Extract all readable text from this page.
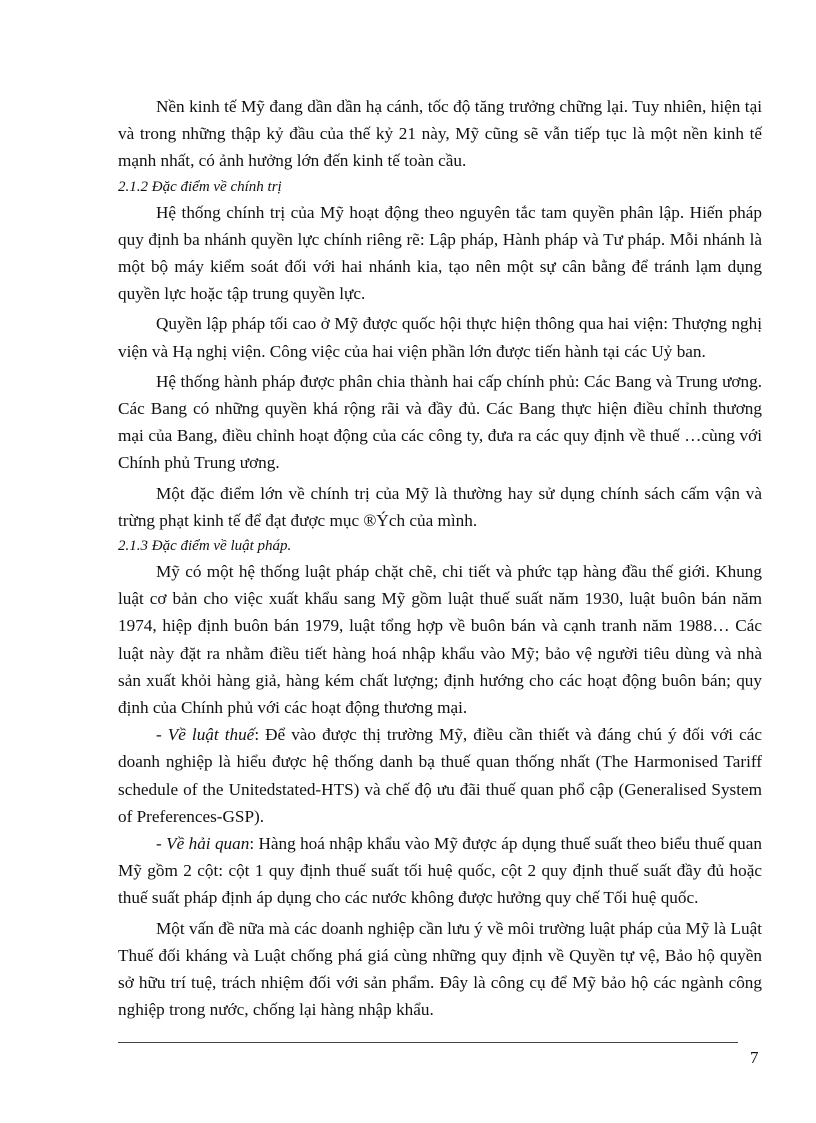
Nền kinh tế Mỹ đang dần dần hạ cánh, tốc độ tăng trưởng chững lại. Tuy nhiên, hiện tại và trong những thập kỷ đầu của thế kỷ 21 này, Mỹ cũng sẽ vẫn tiếp tục là một nền kinh tế mạnh nhất, có ảnh hưởng lớn đến kinh tế toàn cầu.

2.1.2 Đặc điểm về chính trị

Hệ thống chính trị của Mỹ hoạt động theo nguyên tắc tam quyền phân lập. Hiến pháp quy định ba nhánh quyền lực chính riêng rẽ: Lập pháp, Hành pháp và Tư pháp. Mỗi nhánh là một bộ máy kiểm soát đối với hai nhánh kia, tạo nên một sự cân bằng để tránh lạm dụng quyền lực hoặc tập trung quyền lực.

Quyền lập pháp tối cao ở Mỹ được quốc hội thực hiện thông qua hai viện: Thượng nghị viện và Hạ nghị viện. Công việc của hai viện phần lớn được tiến hành tại các Uỷ ban.

Hệ thống hành pháp được phân chia thành hai cấp chính phủ: Các Bang và Trung ương. Các Bang có những quyền khá rộng rãi và đầy đủ. Các Bang thực hiện điều chỉnh thương mại của Bang, điều chỉnh hoạt động của các công ty, đưa ra các quy định về thuế …cùng với Chính phủ Trung ương.

Một đặc điểm lớn về chính trị của Mỹ là thường hay sử dụng chính sách cấm vận và trừng phạt kinh tế để đạt được mục ®Ých của mình.

2.1.3 Đặc điểm về luật pháp.

Mỹ có một hệ thống luật pháp chặt chẽ, chi tiết và phức tạp hàng đầu thế giới. Khung luật cơ bản cho việc xuất khẩu sang Mỹ gồm luật thuế suất năm 1930, luật buôn bán năm 1974, hiệp định buôn bán 1979, luật tổng hợp về buôn bán và cạnh tranh năm 1988… Các luật này đặt ra nhằm điều tiết hàng hoá nhập khẩu vào Mỹ; bảo vệ người tiêu dùng và nhà sản xuất khỏi hàng giả, hàng kém chất lượng; định hướng cho các hoạt động buôn bán; quy định của Chính phủ với các hoạt động thương mại.

- Về luật thuế: Để vào được thị trường Mỹ, điều cần thiết và đáng chú ý đối với các doanh nghiệp là hiểu được hệ thống danh bạ thuế quan thống nhất (The Harmonised Tariff schedule of the Unitedstated-HTS) và chế độ ưu đãi thuế quan phổ cập (Generalised System of Preferences-GSP).

- Về hải quan: Hàng hoá nhập khẩu vào Mỹ được áp dụng thuế suất theo biểu thuế quan Mỹ gồm 2 cột: cột 1 quy định thuế suất tối huệ quốc, cột 2 quy định thuế suất đầy đủ hoặc thuế suất pháp định áp dụng cho các nước không được hưởng quy chế Tối huệ quốc.

Một vấn đề nữa mà các doanh nghiệp cần lưu ý về môi trường luật pháp của Mỹ là Luật Thuế đối kháng và Luật chống phá giá cùng những quy định về Quyền tự vệ, Bảo hộ quyền sở hữu trí tuệ, trách nhiệm đối với sản phẩm. Đây là công cụ để Mỹ bảo hộ các ngành công nghiệp trong nước, chống lại hàng nhập khẩu.

7
